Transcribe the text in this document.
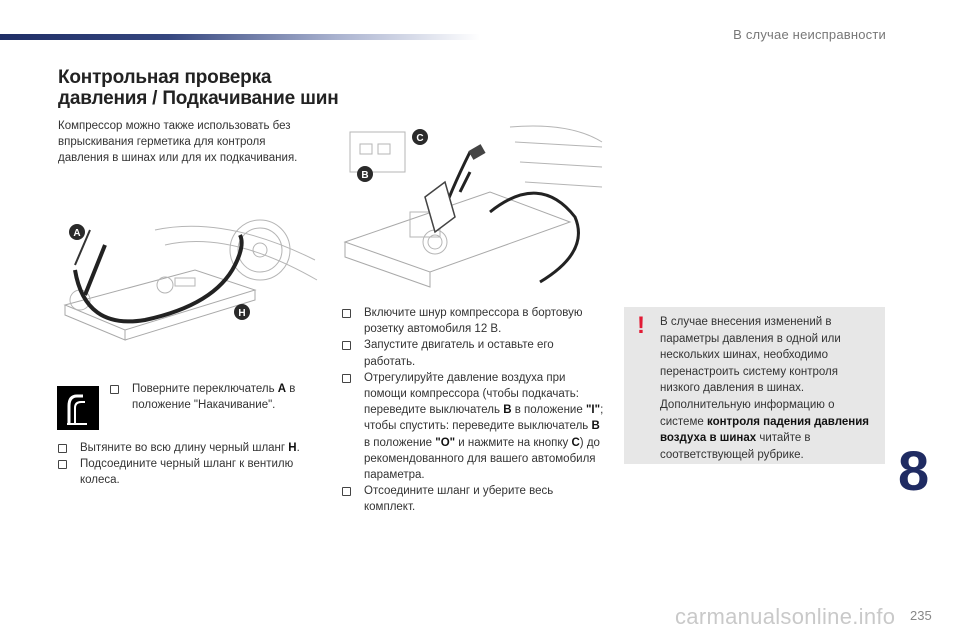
В случае неисправности
Контрольная проверка
давления / Подкачивание шин
Компрессор можно также использовать без впрыскивания герметика для контроля давления в шинах или для их подкачивания.
A
H
C
B
Поверните переключатель A в положение "Накачивание".
Вытяните во всю длину черный шланг H.
Подсоедините черный шланг к вентилю колеса.
Включите шнур компрессора в бортовую розетку автомобиля 12 В.
Запустите двигатель и оставьте его работать.
Отрегулируйте давление воздуха при помощи компрессора (чтобы подкачать: переведите выключатель B в положение "I"; чтобы спустить: переведите выключатель B в положение "O" и нажмите на кнопку C) до рекомендованного для вашего автомобиля параметра.
Отсоедините шланг и уберите весь комплект.
!	В случае внесения изменений в параметры давления в одной или нескольких шинах, необходимо перенастроить систему контроля низкого давления в шинах. Дополнительную информацию о системе контроля падения давления воздуха в шинах читайте в соответствующей рубрике.	8
235
carmanualsonline.info
